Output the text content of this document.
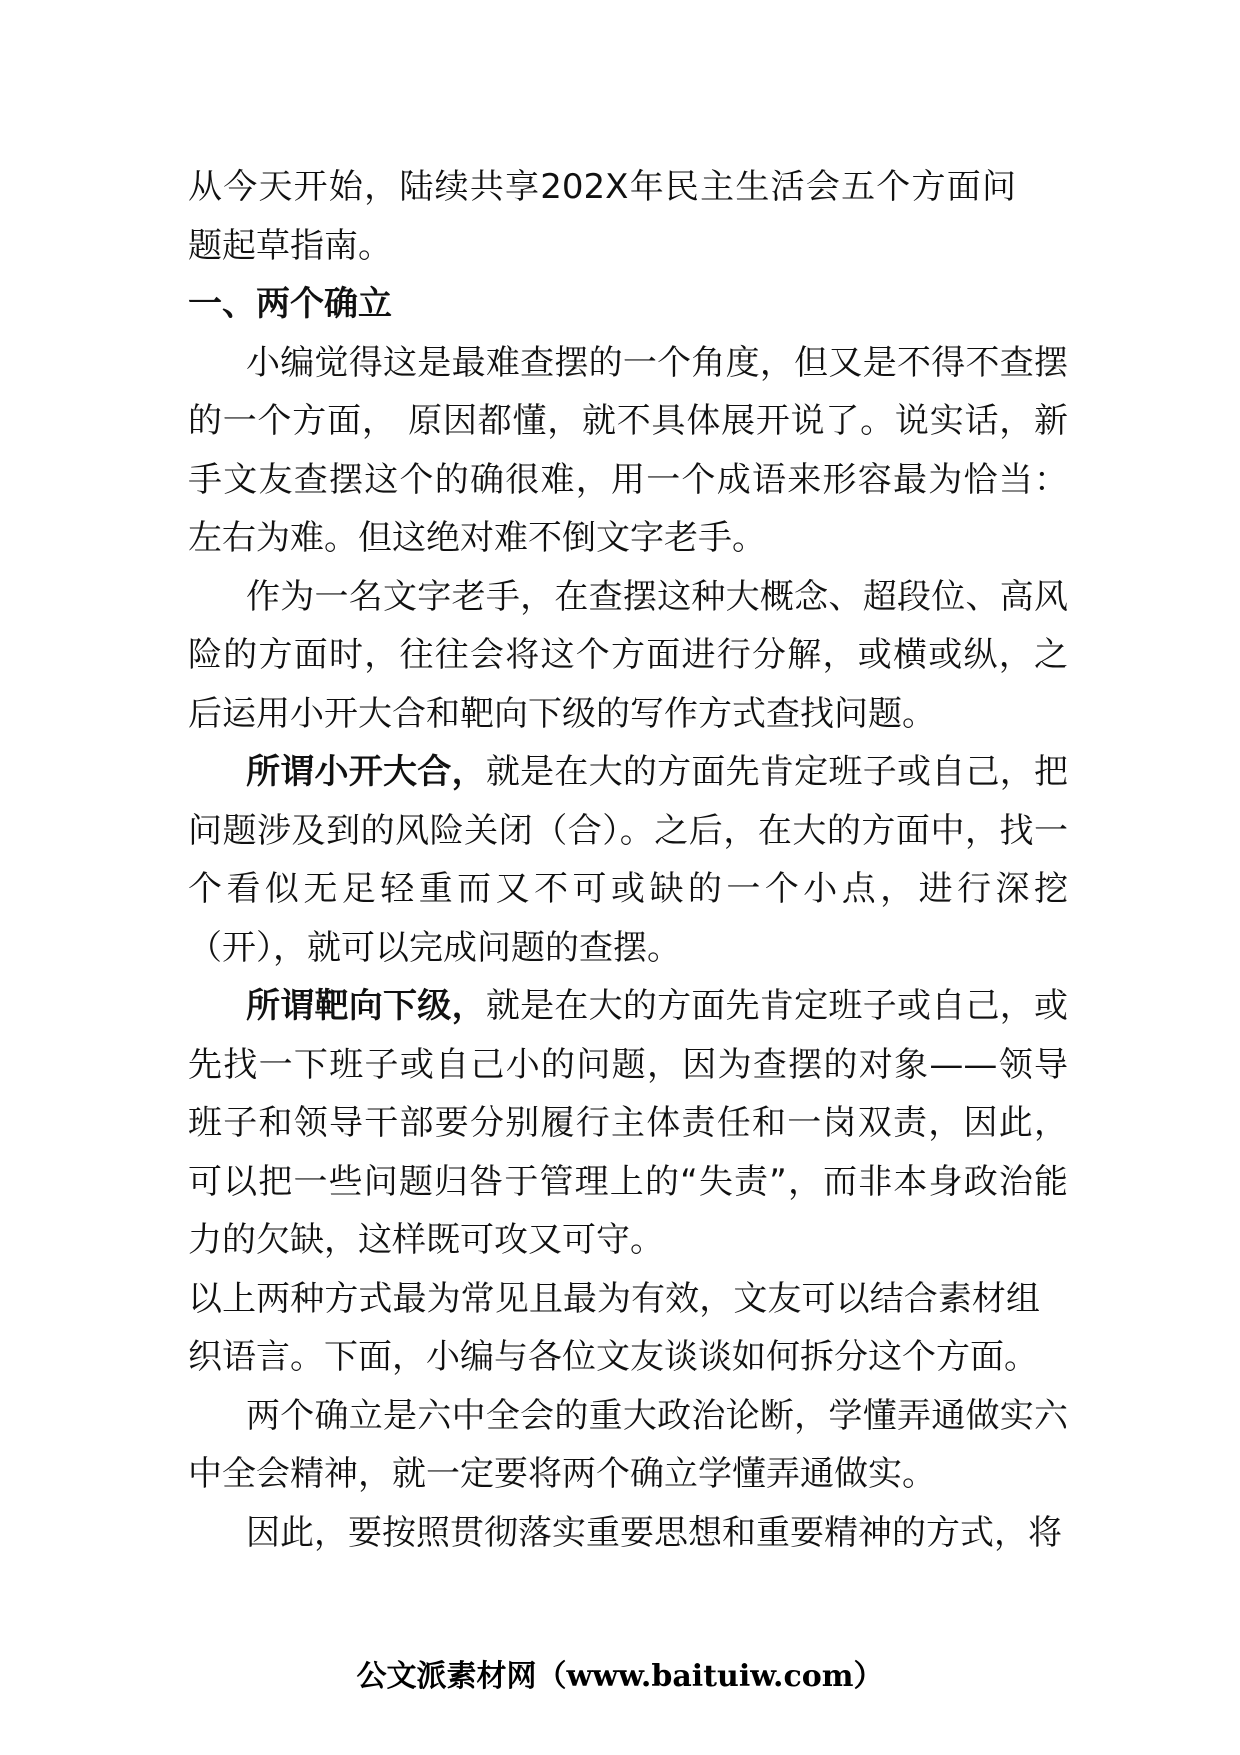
从今天开始，陆续共享202X年民主生活会五个方面问题起草指南。

一、两个确立

小编觉得这是最难查摆的一个角度，但又是不得不查摆的一个方面， 原因都懂，就不具体展开说了。说实话，新手文友查摆这个的确很难，用一个成语来形容最为恰当：左右为难。但这绝对难不倒文字老手。

作为一名文字老手，在查摆这种大概念、超段位、高风险的方面时，往往会将这个方面进行分解，或横或纵，之后运用小开大合和靶向下级的写作方式查找问题。

所谓小开大合，就是在大的方面先肯定班子或自己，把问题涉及到的风险关闭（合）。之后，在大的方面中，找一个看似无足轻重而又不可或缺的一个小点，进行深挖（开），就可以完成问题的查摆。

所谓靶向下级，就是在大的方面先肯定班子或自己，或先找一下班子或自己小的问题，因为查摆的对象——领导班子和领导干部要分别履行主体责任和一岗双责，因此，可以把一些问题归咎于管理上的“失责”，而非本身政治能力的欠缺，这样既可攻又可守。

以上两种方式最为常见且最为有效，文友可以结合素材组织语言。下面，小编与各位文友谈谈如何拆分这个方面。

两个确立是六中全会的重大政治论断，学懂弄通做实六中全会精神，就一定要将两个确立学懂弄通做实。

因此，要按照贯彻落实重要思想和重要精神的方式，将

公文派素材网（www.baituiw.com）
